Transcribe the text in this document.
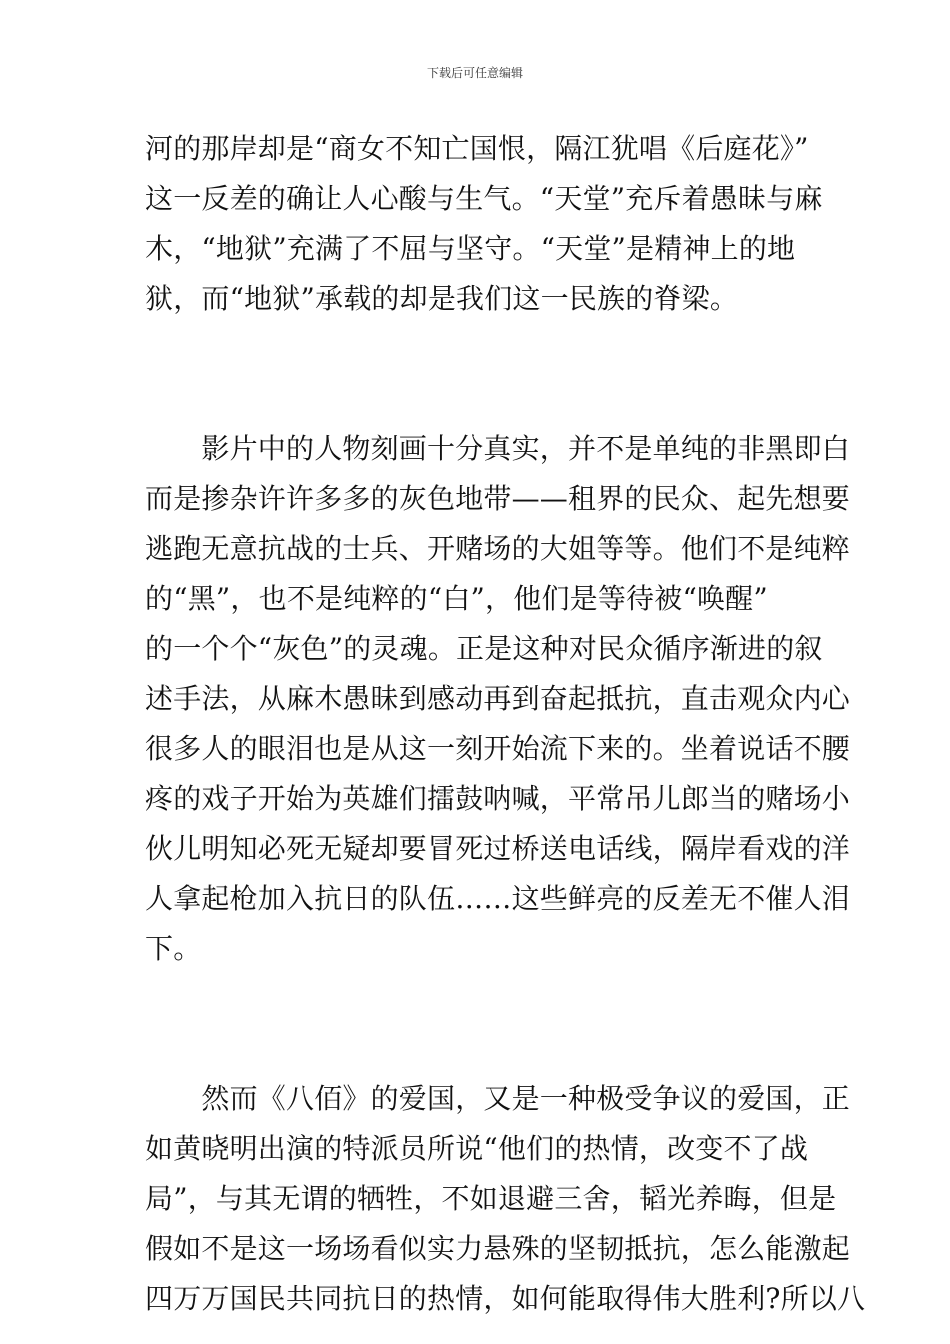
下载后可任意编辑
河的那岸却是“商女不知亡国恨，隔江犹唱《后庭花》”
这一反差的确让人心酸与生气。“天堂”充斥着愚昧与麻
木，“地狱”充满了不屈与坚守。“天堂”是精神上的地
狱，而“地狱”承载的却是我们这一民族的脊梁。
　　影片中的人物刻画十分真实，并不是单纯的非黑即白
而是掺杂许许多多的灰色地带——租界的民众、起先想要
逃跑无意抗战的士兵、开赌场的大姐等等。他们不是纯粹
的“黑”，也不是纯粹的“白”，他们是等待被“唤醒”
的一个个“灰色”的灵魂。正是这种对民众循序渐进的叙
述手法，从麻木愚昧到感动再到奋起抵抗，直击观众内心
很多人的眼泪也是从这一刻开始流下来的。坐着说话不腰
疼的戏子开始为英雄们擂鼓呐喊，平常吊儿郎当的赌场小
伙儿明知必死无疑却要冒死过桥送电话线，隔岸看戏的洋
人拿起枪加入抗日的队伍……这些鲜亮的反差无不催人泪
下。
　　然而《八佰》的爱国，又是一种极受争议的爱国，正
如黄晓明出演的特派员所说“他们的热情，改变不了战
局”，与其无谓的牺牲，不如退避三舍，韬光养晦，但是
假如不是这一场场看似实力悬殊的坚韧抵抗，怎么能激起
四万万国民共同抗日的热情，如何能取得伟大胜利?所以八
